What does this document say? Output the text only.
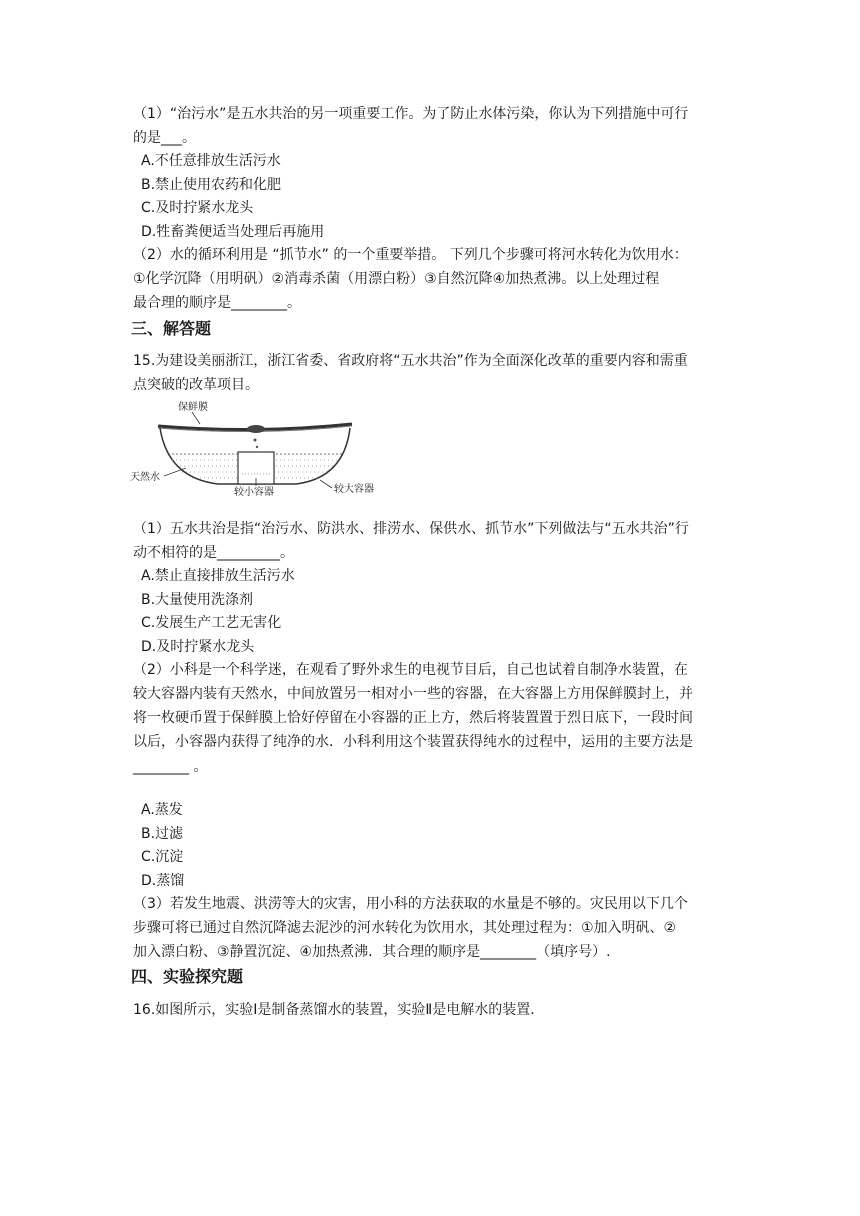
（1）“治污水”是五水共治的另一项重要工作。为了防止水体污染，你认为下列措施中可行
的是___。
A.不任意排放生活污水
B.禁止使用农药和化肥
C.及时拧紧水龙头
D.牲畜粪便适当处理后再施用
（2）水的循环利用是 “抓节水” 的一个重要举措。 下列几个步骤可将河水转化为饮用水：
①化学沉降（用明矾）②消毒杀菌（用漂白粉）③自然沉降④加热煮沸。以上处理过程
最合理的顺序是________。
三、解答题
15.为建设美丽浙江，浙江省委、省政府将“五水共治”作为全面深化改革的重要内容和需重
点突破的改革项目。
保鲜膜
天然水
较大容器
较小容器
（1）五水共治是指“治污水、防洪水、排涝水、保供水、抓节水”下列做法与“五水共治”行
动不相符的是_________。
A.禁止直接排放生活污水
B.大量使用洗涤剂
C.发展生产工艺无害化
D.及时拧紧水龙头
（2）小科是一个科学迷，在观看了野外求生的电视节目后，自己也试着自制净水装置，在
较大容器内装有天然水，中间放置另一相对小一些的容器，在大容器上方用保鲜膜封上，并
将一枚硬币置于保鲜膜上恰好停留在小容器的正上方，然后将装置置于烈日底下，一段时间
以后，小容器内获得了纯净的水．小科利用这个装置获得纯水的过程中，运用的主要方法是
________ 。
A.蒸发
B.过滤
C.沉淀
D.蒸馏
（3）若发生地震、洪涝等大的灾害，用小科的方法获取的水量是不够的。灾民用以下几个
步骤可将已通过自然沉降滤去泥沙的河水转化为饮用水，其处理过程为：①加入明矾、②
加入漂白粉、③静置沉淀、④加热煮沸．其合理的顺序是________（填序号）.
四、实验探究题
16.如图所示，实验Ⅰ是制备蒸馏水的装置，实验Ⅱ是电解水的装置.
